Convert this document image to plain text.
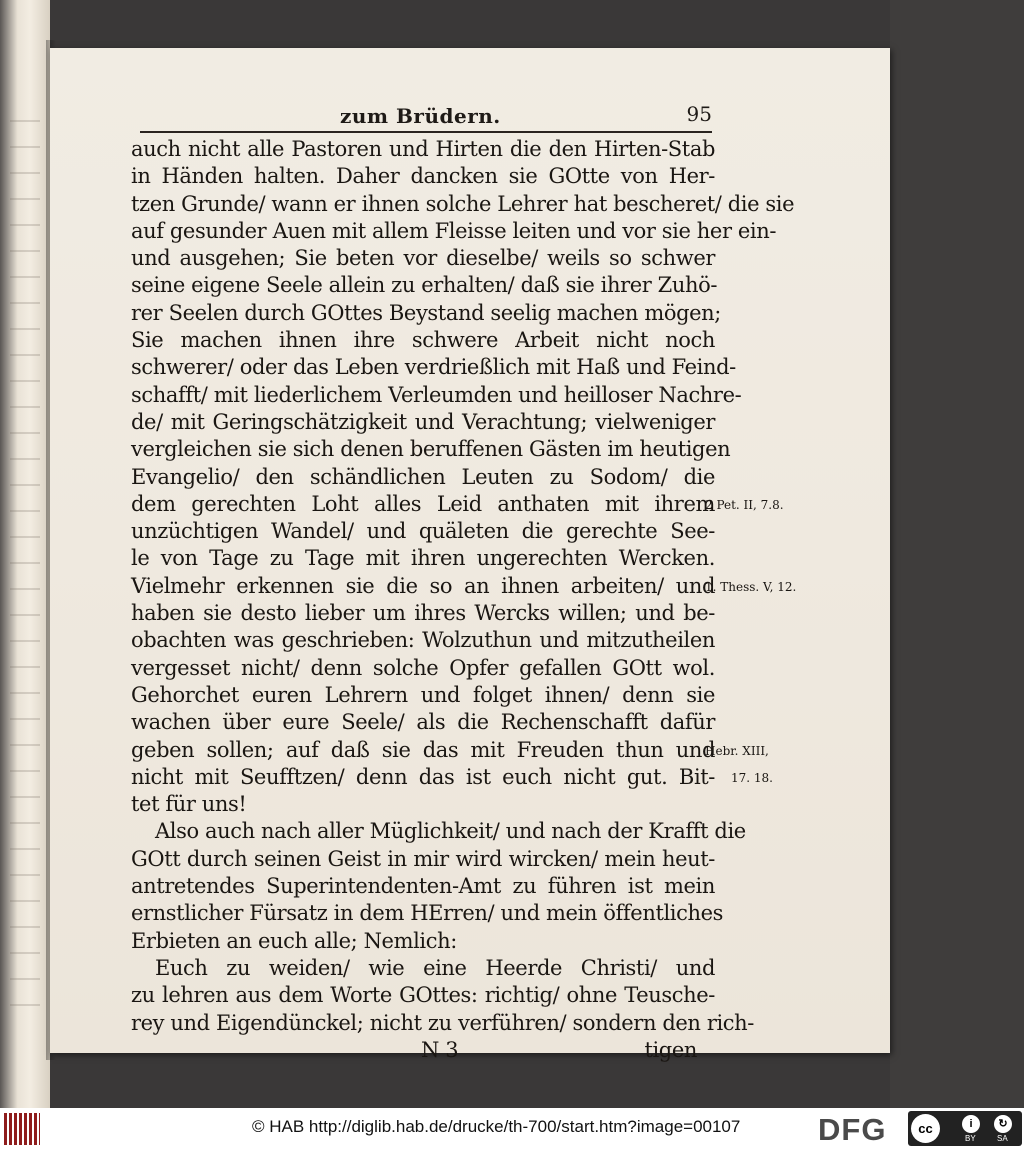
zum Brüdern.	95
auch nicht alle Pastoren und Hirten die den Hirten-Stab
in Händen halten. Daher dancken sie GOtte von Her-
tzen Grunde/ wann er ihnen solche Lehrer hat bescheret/ die sie
auf gesunder Auen mit allem Fleisse leiten und vor sie her ein-
und ausgehen; Sie beten vor dieselbe/ weils so schwer
seine eigene Seele allein zu erhalten/ daß sie ihrer Zuhö-
rer Seelen durch GOttes Beystand seelig machen mögen;
Sie machen ihnen ihre schwere Arbeit nicht noch
schwerer/ oder das Leben verdrießlich mit Haß und Feind-
schafft/ mit liederlichem Verleumden und heilloser Nachre-
de/ mit Geringschätzigkeit und Verachtung; vielweniger
vergleichen sie sich denen beruffenen Gästen im heutigen
Evangelio/ den schändlichen Leuten zu Sodom/ die
dem gerechten Loht alles Leid anthaten mit ihrem
unzüchtigen Wandel/ und quäleten die gerechte See-
le von Tage zu Tage mit ihren ungerechten Wercken.
Vielmehr erkennen sie die so an ihnen arbeiten/ und
haben sie desto lieber um ihres Wercks willen; und be-
obachten was geschrieben: Wolzuthun und mitzutheilen
vergesset nicht/ denn solche Opfer gefallen GOtt wol.
Gehorchet euren Lehrern und folget ihnen/ denn sie
wachen über eure Seele/ als die Rechenschafft dafür
geben sollen; auf daß sie das mit Freuden thun und
nicht mit Seufftzen/ denn das ist euch nicht gut. Bit-
tet für uns!
Also auch nach aller Müglichkeit/ und nach der Krafft die
GOtt durch seinen Geist in mir wird wircken/ mein heut-
antretendes Superintendenten-Amt zu führen ist mein
ernstlicher Fürsatz in dem HErren/ und mein öffentliches
Erbieten an euch alle; Nemlich:
Euch zu weiden/ wie eine Heerde Christi/ und
zu lehren aus dem Worte GOttes: richtig/ ohne Teusche-
rey und Eigendünckel; nicht zu verführen/ sondern den rich-
N 3	tigen
2 Pet. II, 7.8.
1. Thess. V, 12.
Hebr. XIII,
17. 18.
© HAB http://diglib.hab.de/drucke/th-700/start.htm?image=00107	DFG	cc	i	↻
BY	SA
